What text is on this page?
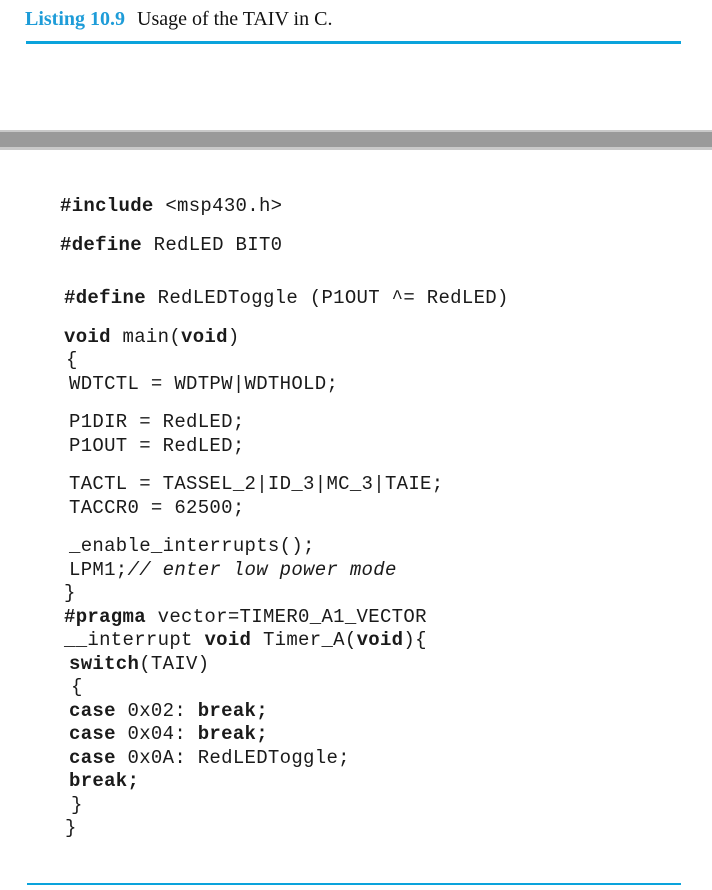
Listing 10.9 Usage of the TAIV in C.
#include <msp430.h>
#define RedLED BIT0
#define RedLEDToggle (P1OUT ^= RedLED)
void main(void)
{
WDTCTL = WDTPW|WDTHOLD;
P1DIR = RedLED;
P1OUT = RedLED;
TACTL = TASSEL_2|ID_3|MC_3|TAIE;
TACCR0 = 62500;
_enable_interrupts();
LPM1;// enter low power mode
}
#pragma vector=TIMER0_A1_VECTOR
__interrupt void Timer_A(void){
switch(TAIV)
{
case 0x02: break;
case 0x04: break;
case 0x0A: RedLEDToggle;
break;
}
}
